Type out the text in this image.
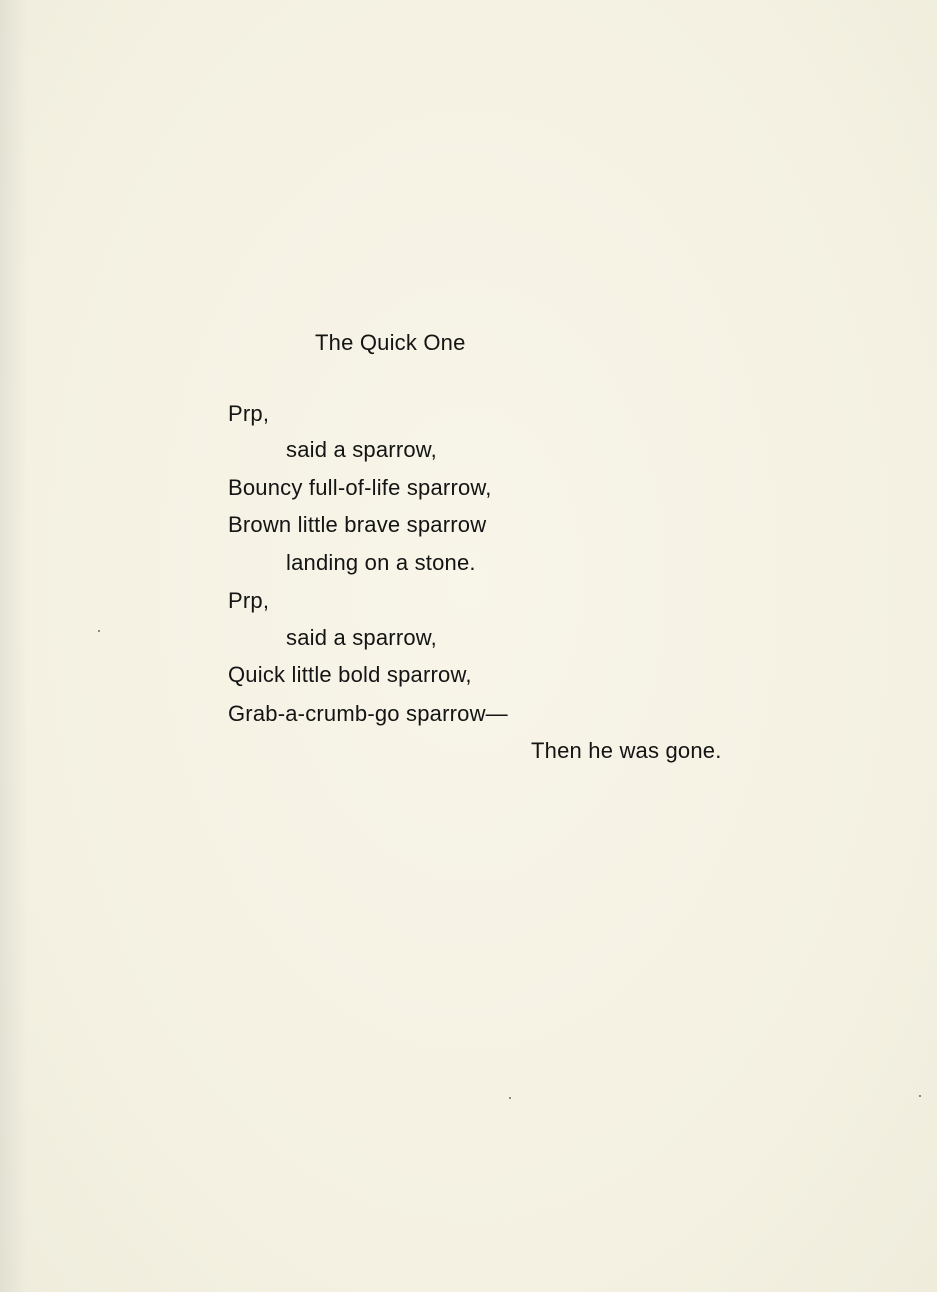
The Quick One
Prp,
said a sparrow,
Bouncy full-of-life sparrow,
Brown little brave sparrow
landing on a stone.
Prp,
said a sparrow,
Quick little bold sparrow,
Grab-a-crumb-go sparrow—
Then he was gone.
